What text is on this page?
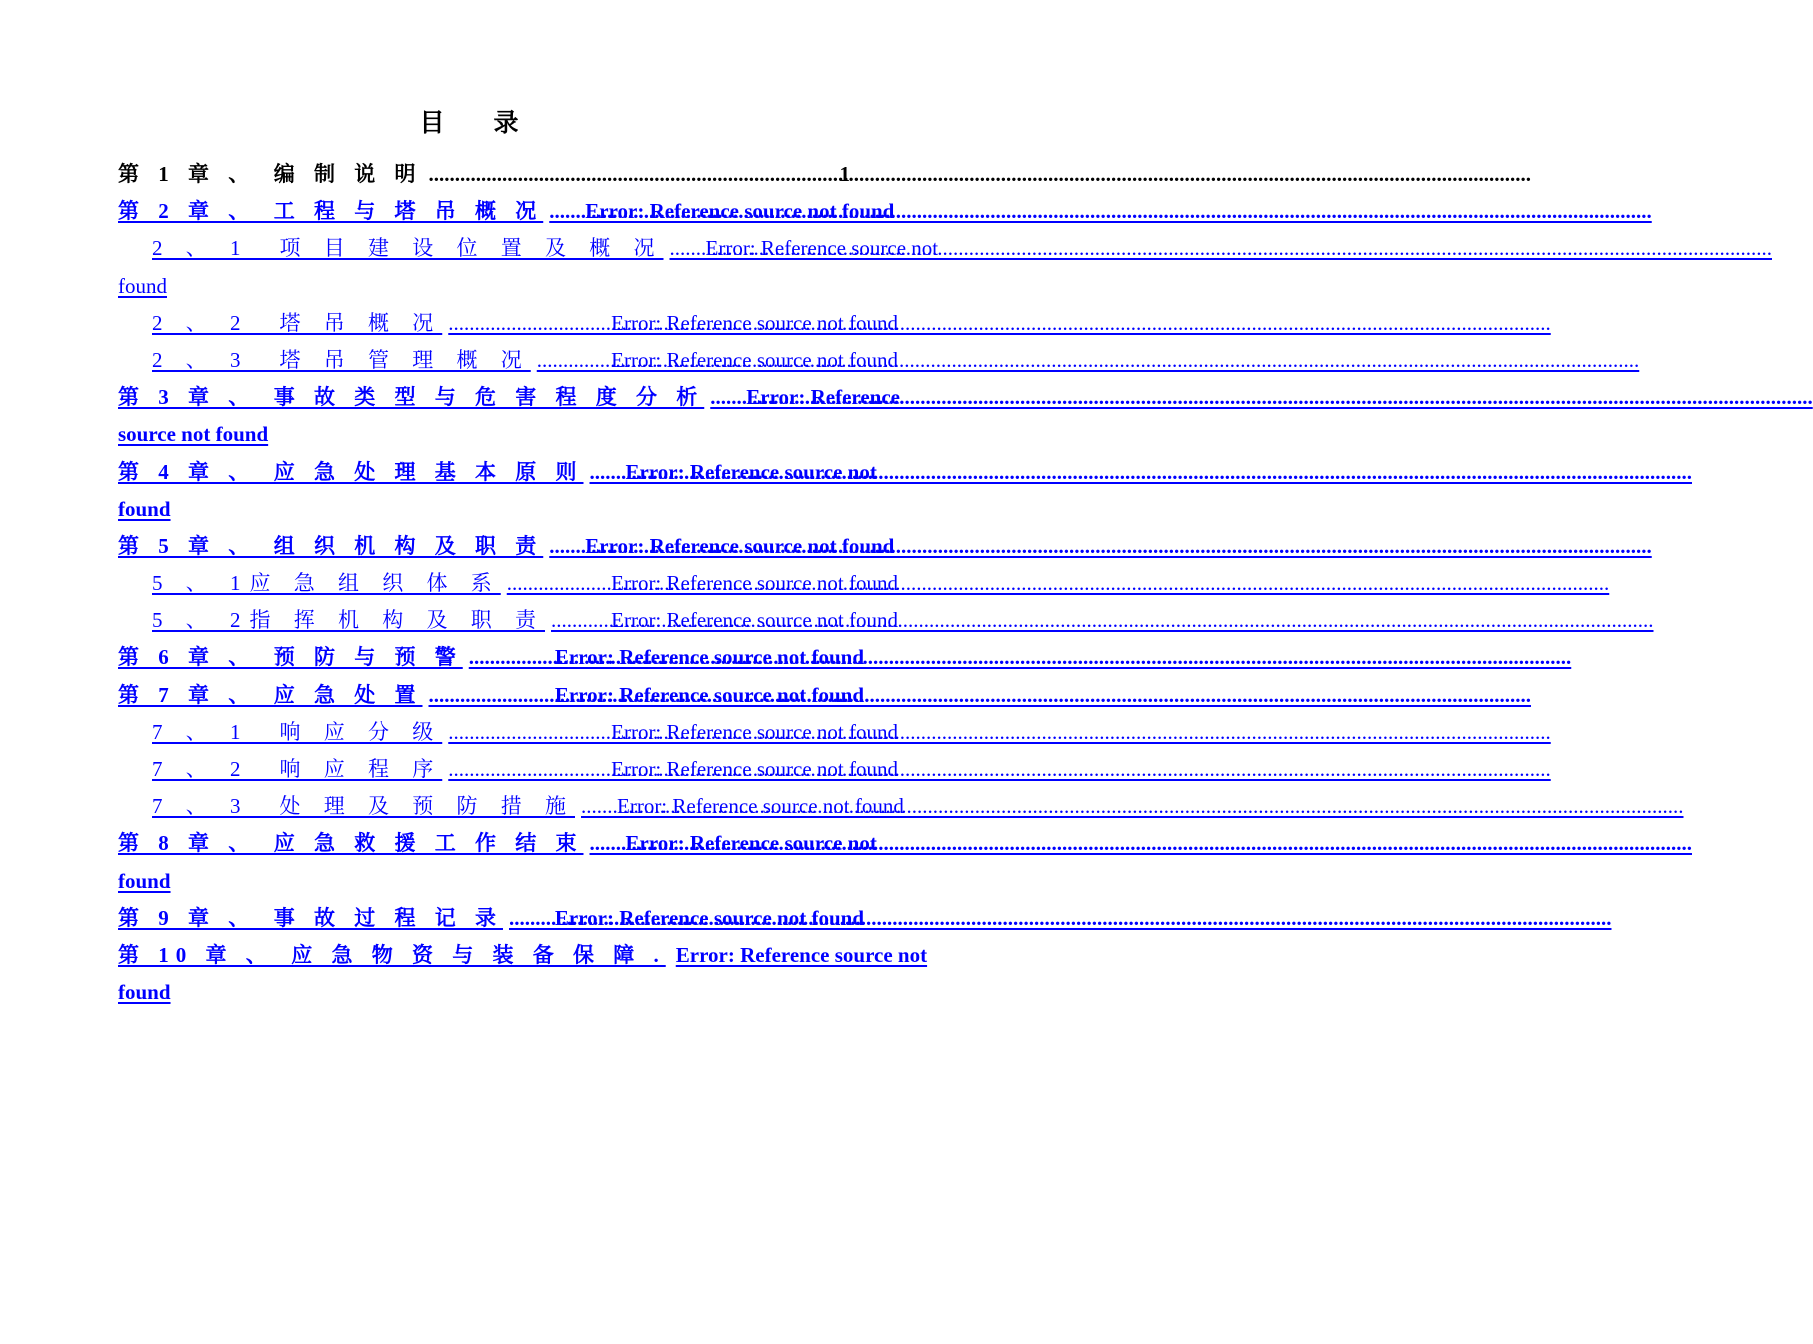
目　录
第 1 章 、　编 制 说 明 .....	1
第 2 章 、　工 程 与 塔 吊 概 况 ..... Error: Reference source not found
2 、 1　项 目 建 设 位 置 及 概 况 ..... Error: Reference source not
found
2 、 2　塔 吊 概 况 .....	Error: Reference source not found
2 、 3　塔 吊 管 理 概 况 .....	Error: Reference source not found
第 3 章 、　事 故 类 型 与 危 害 程 度 分 析 ..... Error: Reference
source not found
第 4 章 、　应 急 处 理 基 本 原 则 ..... Error: Reference source not
found
第 5 章 、　组 织 机 构 及 职 责 ..... Error: Reference source not found
5 、 1应 急 组 织 体 系 .....	Error: Reference source not found
5 、 2指 挥 机 构 及 职 责 .....	Error: Reference source not found
第 6 章 、　预 防 与 预 警 .....	Error: Reference source not found
第 7 章 、　应 急 处 置 .....	Error: Reference source not found
7 、 1　响 应 分 级 .....	Error: Reference source not found
7 、 2　响 应 程 序 .....	Error: Reference source not found
7 、 3　处 理 及 预 防 措 施 ..... Error: Reference source not found
第 8 章 、　应 急 救 援 工 作 结 束 ..... Error: Reference source not
found
第 9 章 、　事 故 过 程 记 录 ..... Error: Reference source not found
第 10 章 、　应 急 物 资 与 装 备 保 障 . Error: Reference source not
found
